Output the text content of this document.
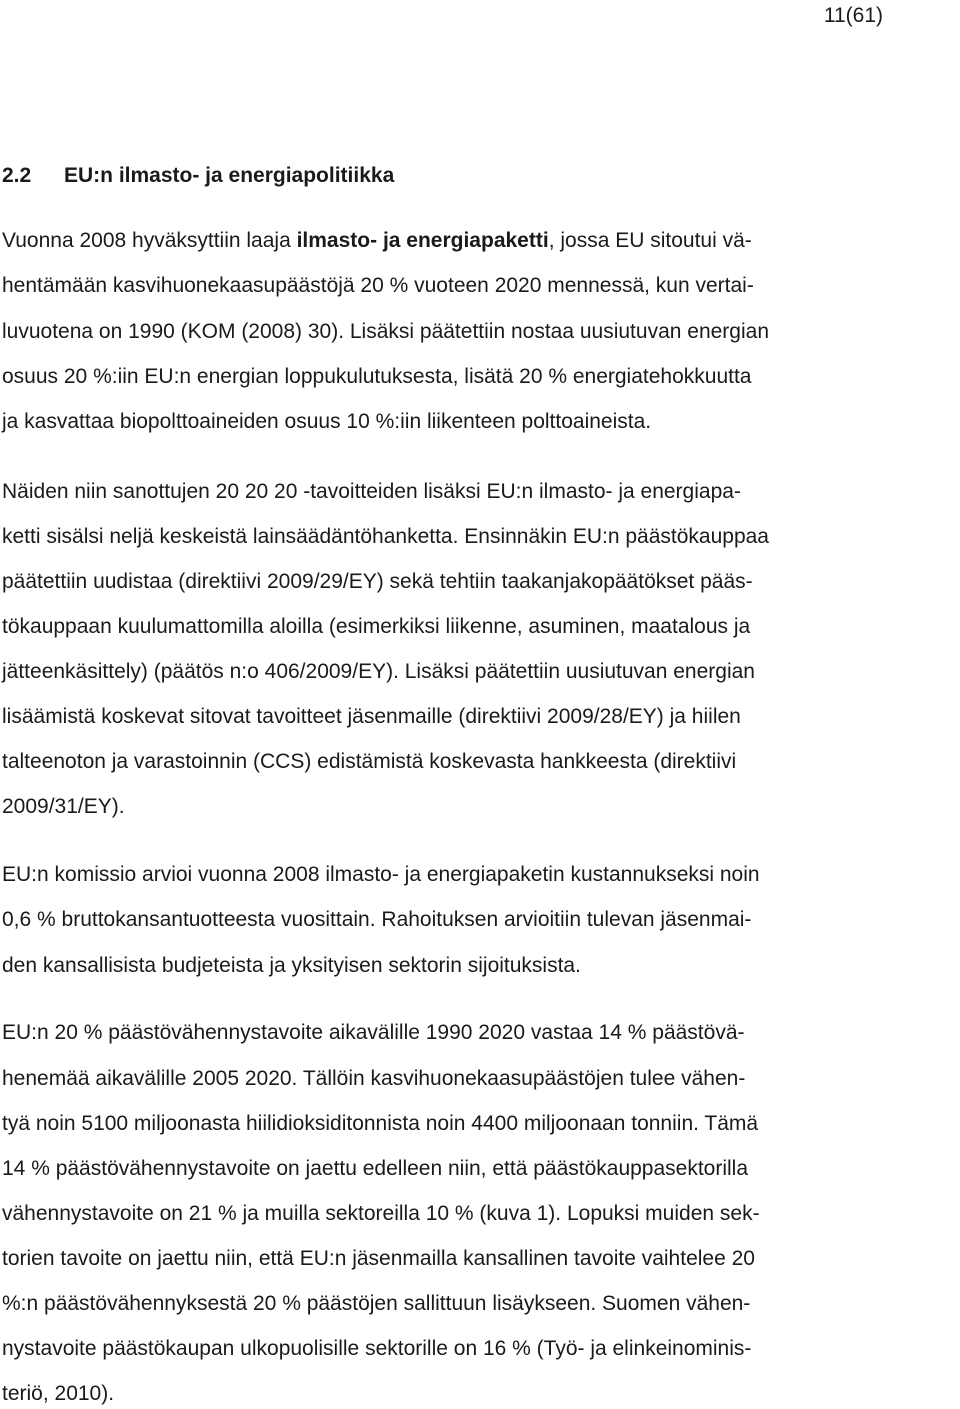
11(61)
2.2 EU:n ilmasto- ja energiapolitiikka
Vuonna 2008 hyväksyttiin laaja ilmasto- ja energiapaketti, jossa EU sitoutui vä-
hentämään kasvihuonekaasupäästöjä 20 % vuoteen 2020 mennessä, kun vertai-
luvuotena on 1990 (KOM (2008) 30). Lisäksi päätettiin nostaa uusiutuvan energian
osuus 20 %:iin EU:n energian loppukulutuksesta, lisätä 20 % energiatehokkuutta
ja kasvattaa biopolttoaineiden osuus 10 %:iin liikenteen polttoaineista.
Näiden niin sanottujen 20 20 20 -tavoitteiden lisäksi EU:n ilmasto- ja energiapa-
ketti sisälsi neljä keskeistä lainsäädäntöhanketta. Ensinnäkin EU:n päästökauppaa
päätettiin uudistaa (direktiivi 2009/29/EY) sekä tehtiin taakanjakopäätökset pääs-
tökauppaan kuulumattomilla aloilla (esimerkiksi liikenne, asuminen, maatalous ja
jätteenkäsittely) (päätös n:o 406/2009/EY). Lisäksi päätettiin uusiutuvan energian
lisäämistä koskevat sitovat tavoitteet jäsenmaille (direktiivi 2009/28/EY) ja hiilen
talteenoton ja varastoinnin (CCS) edistämistä koskevasta hankkeesta (direktiivi
2009/31/EY).
EU:n komissio arvioi vuonna 2008 ilmasto- ja energiapaketin kustannukseksi noin
0,6 % bruttokansantuotteesta vuosittain. Rahoituksen arvioitiin tulevan jäsenmai-
den kansallisista budjeteista ja yksityisen sektorin sijoituksista.
EU:n 20 % päästövähennystavoite aikavälille 1990 2020 vastaa 14 % päästövä-
henemää aikavälille 2005 2020. Tällöin kasvihuonekaasupäästöjen tulee vähen-
tyä noin 5100 miljoonasta hiilidioksiditonnista noin 4400 miljoonaan tonniin. Tämä
14 % päästövähennystavoite on jaettu edelleen niin, että päästökauppasektorilla
vähennystavoite on 21 % ja muilla sektoreilla 10 % (kuva 1). Lopuksi muiden sek-
torien tavoite on jaettu niin, että EU:n jäsenmailla kansallinen tavoite vaihtelee 20
%:n päästövähennyksestä 20 % päästöjen sallittuun lisäykseen. Suomen vähen-
nystavoite päästökaupan ulkopuolisille sektorille on 16 % (Työ- ja elinkeinominis-
teriö, 2010).
